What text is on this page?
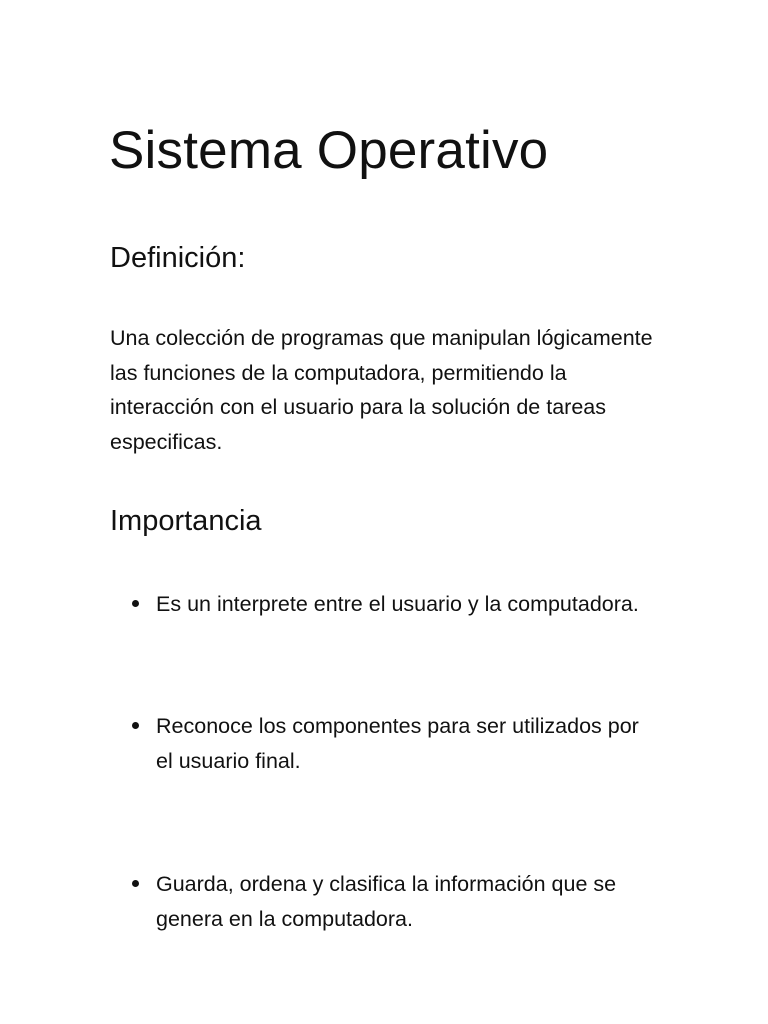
Sistema Operativo
Definición:

Una colección de programas que manipulan lógicamente las funciones de la computadora, permitiendo la interacción con el usuario para la solución de tareas especificas.

Importancia
Es un interprete entre el usuario y la computadora.
Reconoce los componentes para ser utilizados por el usuario final.
Guarda, ordena y clasifica la información que se genera en la computadora.
